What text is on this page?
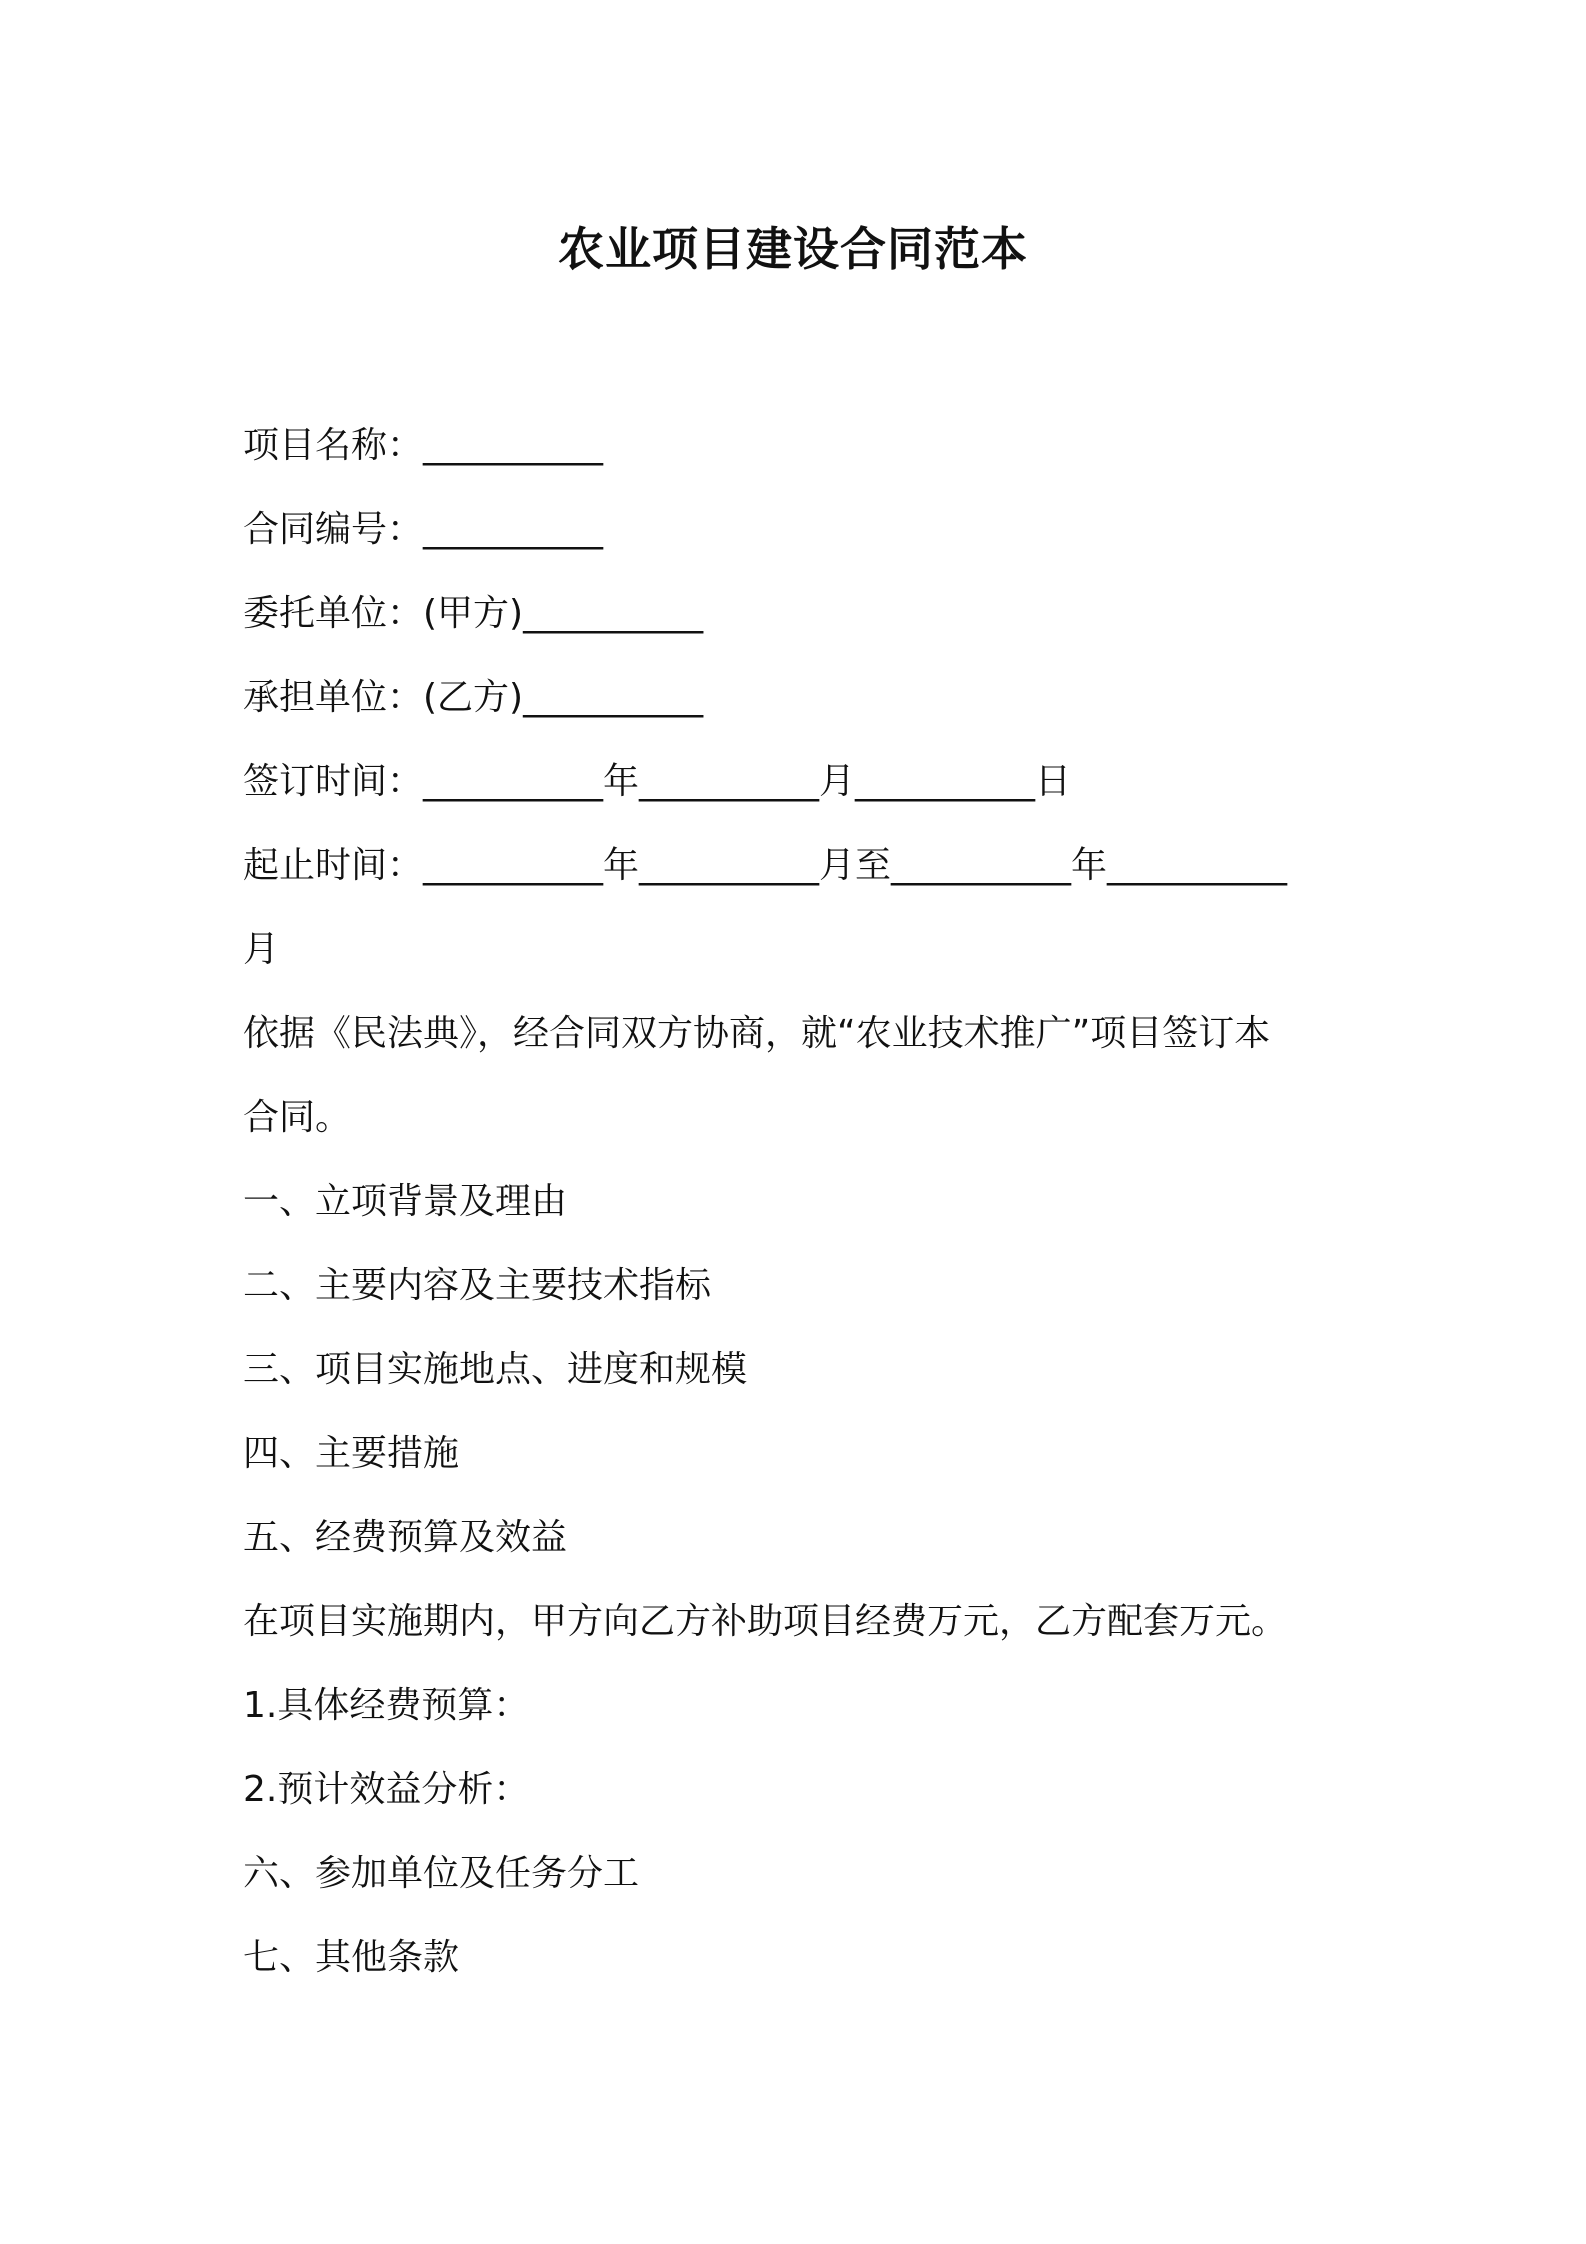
农业项目建设合同范本
项目名称：__________
合同编号：__________
委托单位：(甲方)__________
承担单位：(乙方)__________
签订时间：__________年__________月__________日
起止时间：__________年__________月至__________年__________
月
依据《民法典》，经合同双方协商，就“农业技术推广”项目签订本
合同。
一、立项背景及理由
二、主要内容及主要技术指标
三、项目实施地点、进度和规模
四、主要措施
五、经费预算及效益
在项目实施期内，甲方向乙方补助项目经费万元，乙方配套万元。
1.具体经费预算：
2.预计效益分析：
六、参加单位及任务分工
七、其他条款
